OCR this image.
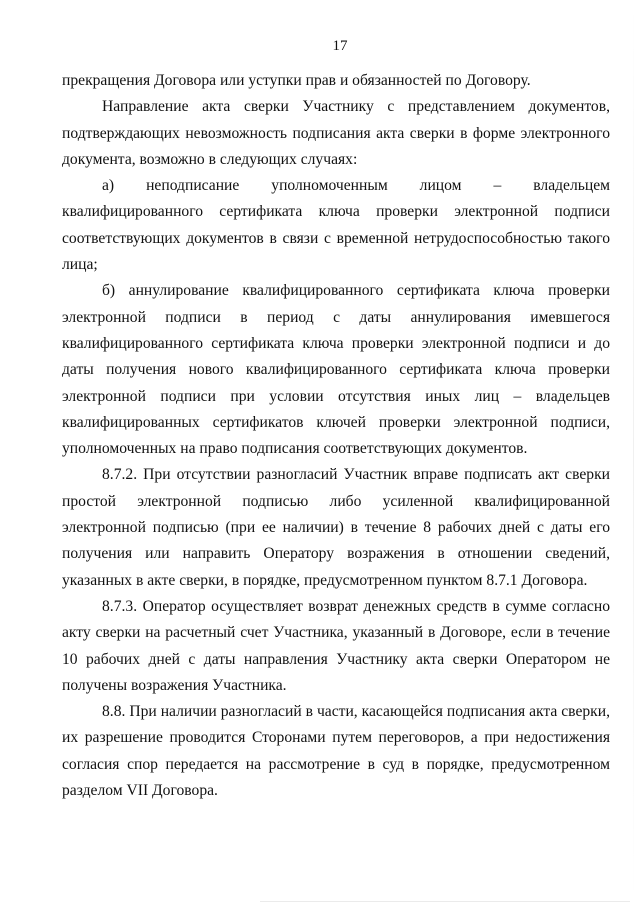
17

прекращения Договора или уступки прав и обязанностей по Договору.

Направление акта сверки Участнику с представлением документов, подтверждающих невозможность подписания акта сверки в форме электронного документа, возможно в следующих случаях:

а) неподписание уполномоченным лицом – владельцем квалифицированного сертификата ключа проверки электронной подписи соответствующих документов в связи с временной нетрудоспособностью такого лица;

б) аннулирование квалифицированного сертификата ключа проверки электронной подписи в период с даты аннулирования имевшегося квалифицированного сертификата ключа проверки электронной подписи и до даты получения нового квалифицированного сертификата ключа проверки электронной подписи при условии отсутствия иных лиц – владельцев квалифицированных сертификатов ключей проверки электронной подписи, уполномоченных на право подписания соответствующих документов.

8.7.2. При отсутствии разногласий Участник вправе подписать акт сверки простой электронной подписью либо усиленной квалифицированной электронной подписью (при ее наличии) в течение 8 рабочих дней с даты его получения или направить Оператору возражения в отношении сведений, указанных в акте сверки, в порядке, предусмотренном пунктом 8.7.1 Договора.

8.7.3. Оператор осуществляет возврат денежных средств в сумме согласно акту сверки на расчетный счет Участника, указанный в Договоре, если в течение 10 рабочих дней с даты направления Участнику акта сверки Оператором не получены возражения Участника.

8.8. При наличии разногласий в части, касающейся подписания акта сверки, их разрешение проводится Сторонами путем переговоров, а при недостижения согласия спор передается на рассмотрение в суд в порядке, предусмотренном разделом VII Договора.
